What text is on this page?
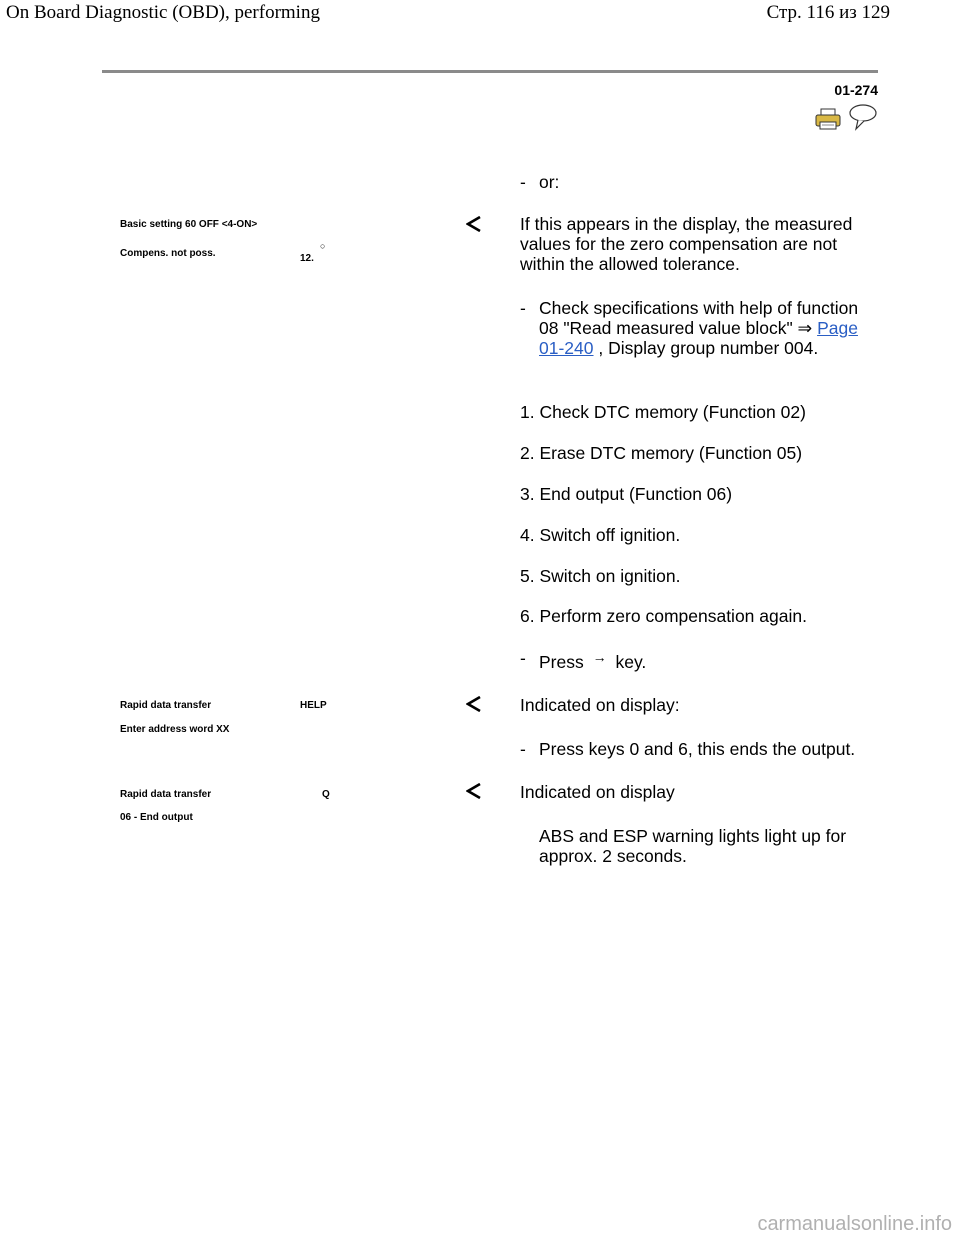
On Board Diagnostic (OBD), performing	Стр. 116 из 129
01-274
- or:
Basic setting 60 OFF <4-ON>
Compens. not poss.	12.
○
If this appears in the display, the measured values for the zero compensation are not within the allowed tolerance.
- Check specifications with help of function 08 "Read measured value block" ⇒ Page 01-240 , Display group number 004.
1. Check DTC memory (Function 02)
2. Erase DTC memory (Function 05)
3. End output (Function 06)
4. Switch off ignition.
5. Switch on ignition.
6. Perform zero compensation again.
- Press → key.
Rapid data transfer	HELP
Enter address word XX
Indicated on display:
- Press keys 0 and 6, this ends the output.
Rapid data transfer	Q
06 - End output
Indicated on display
ABS and ESP warning lights light up for approx. 2 seconds.
carmanualsonline.info
